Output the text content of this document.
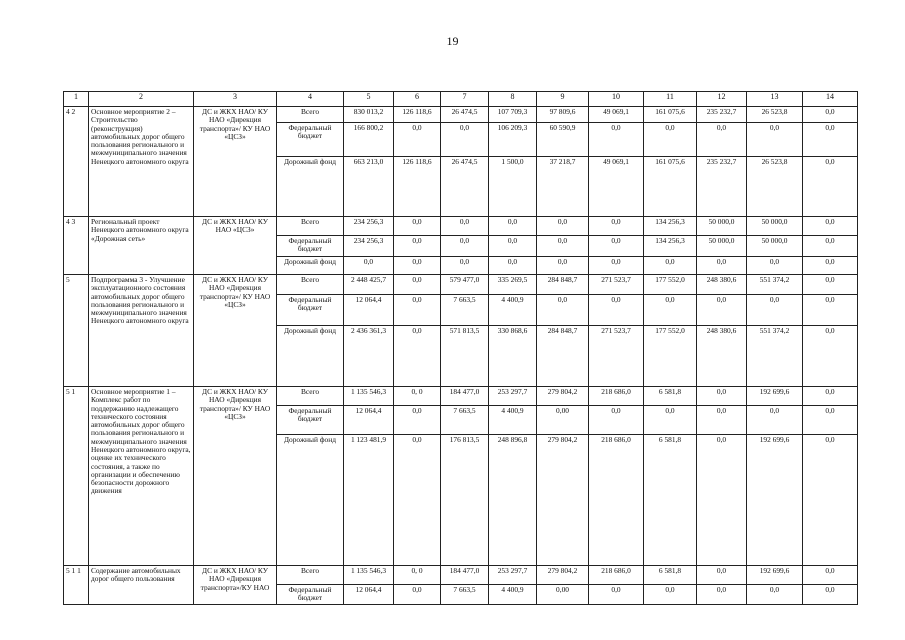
19
1	2	3	4	5	6	7	8	9	10	11	12	13	14
4 2	Основное мероприятие 2 – Строительство (реконструкция) автомобильных дорог общего пользования регионального и межмуниципального значения Ненецкого автономного округа	ДС и ЖКХ НАО/ КУ НАО «Дирекция транспорта»/ КУ НАО «ЦСЗ»	Всего	830 013,2	126 118,6	26 474,5	107 709,3	97 809,6	49 069,1	161 075,6	235 232,7	26 523,8	0,0
			Федеральный бюджет	166 800,2	0,0	0,0	106 209,3	60 590,9	0,0	0,0	0,0	0,0	0,0
			Дорожный фонд	663 213,0	126 118,6	26 474,5	1 500,0	37 218,7	49 069,1	161 075,6	235 232,7	26 523,8	0,0
4 3	Региональный проект Ненецкого автономного округа «Дорожная сеть»	ДС и ЖКХ НАО/ КУ НАО «ЦСЗ»	Всего	234 256,3	0,0	0,0	0,0	0,0	0,0	134 256,3	50 000,0	50 000,0	0,0
			Федеральный бюджет	234 256,3	0,0	0,0	0,0	0,0	0,0	134 256,3	50 000,0	50 000,0	0,0
			Дорожный фонд	0,0	0,0	0,0	0,0	0,0	0,0	0,0	0,0	0,0	0,0
5	Подпрограмма 3 - Улучшение эксплуатационного состояния автомобильных дорог общего пользования регионального и межмуниципального значения Ненецкого автономного округа	ДС и ЖКХ НАО/ КУ НАО «Дирекция транспорта»/ КУ НАО «ЦСЗ»	Всего	2 448 425,7	0,0	579 477,0	335 269,5	284 848,7	271 523,7	177 552,0	248 380,6	551 374,2	0,0
			Федеральный бюджет	12 064,4	0,0	7 663,5	4 400,9	0,0	0,0	0,0	0,0	0,0	0,0
			Дорожный фонд	2 436 361,3	0,0	571 813,5	330 868,6	284 848,7	271 523,7	177 552,0	248 380,6	551 374,2	0,0
5 1	Основное мероприятие 1 – Комплекс работ по поддержанию надлежащего технического состояния автомобильных дорог общего пользования регионального и межмуниципального значения Ненецкого автономного округа, оценке их технического состояния, а также по организации и обеспечению безопасности дорожного движения	ДС и ЖКХ НАО/ КУ НАО «Дирекция транспорта»/ КУ НАО «ЦСЗ»	Всего	1 135 546,3	0, 0	184 477,0	253 297,7	279 804,2	218 686,0	6 581,8	0,0	192 699,6	0,0
			Федеральный бюджет	12 064,4	0,0	7 663,5	4 400,9	0,00	0,0	0,0	0,0	0,0	0,0
			Дорожный фонд	1 123 481,9	0,0	176 813,5	248 896,8	279 804,2	218 686,0	6 581,8	0,0	192 699,6	0,0
5 1 1	Содержание автомобильных дорог общего пользования	ДС и ЖКХ НАО/ КУ НАО «Дирекция транспорта»/КУ НАО	Всего	1 135 546,3	0, 0	184 477,0	253 297,7	279 804,2	218 686,0	6 581,8	0,0	192 699,6	0,0
			Федеральный бюджет	12 064,4	0,0	7 663,5	4 400,9	0,00	0,0	0,0	0,0	0,0	0,0
